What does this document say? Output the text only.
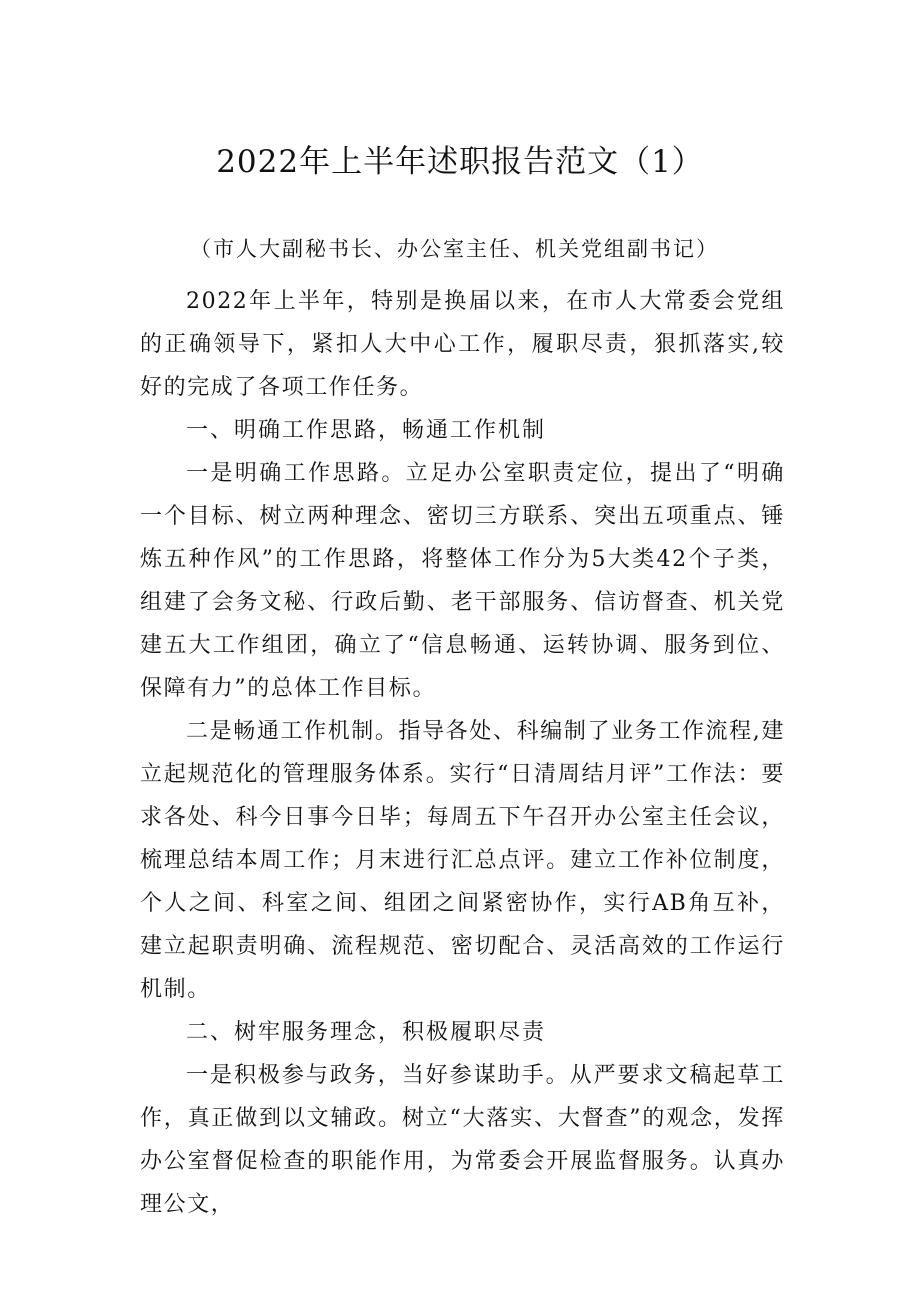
2022年上半年述职报告范文（1）

（市人大副秘书长、办公室主任、机关党组副书记）

2022年上半年，特别是换届以来，在市人大常委会党组的正确领导下，紧扣人大中心工作，履职尽责，狠抓落实,较好的完成了各项工作任务。

一、明确工作思路，畅通工作机制

一是明确工作思路。立足办公室职责定位，提出了“明确一个目标、树立两种理念、密切三方联系、突出五项重点、锤炼五种作风”的工作思路，将整体工作分为5大类42个子类，组建了会务文秘、行政后勤、老干部服务、信访督查、机关党建五大工作组团，确立了“信息畅通、运转协调、服务到位、保障有力”的总体工作目标。

二是畅通工作机制。指导各处、科编制了业务工作流程,建立起规范化的管理服务体系。实行“日清周结月评”工作法：要求各处、科今日事今日毕；每周五下午召开办公室主任会议，梳理总结本周工作；月末进行汇总点评。建立工作补位制度，个人之间、科室之间、组团之间紧密协作，实行AB角互补，建立起职责明确、流程规范、密切配合、灵活高效的工作运行机制。

二、树牢服务理念，积极履职尽责

一是积极参与政务，当好参谋助手。从严要求文稿起草工作，真正做到以文辅政。树立“大落实、大督查”的观念，发挥办公室督促检查的职能作用，为常委会开展监督服务。认真办理公文，
